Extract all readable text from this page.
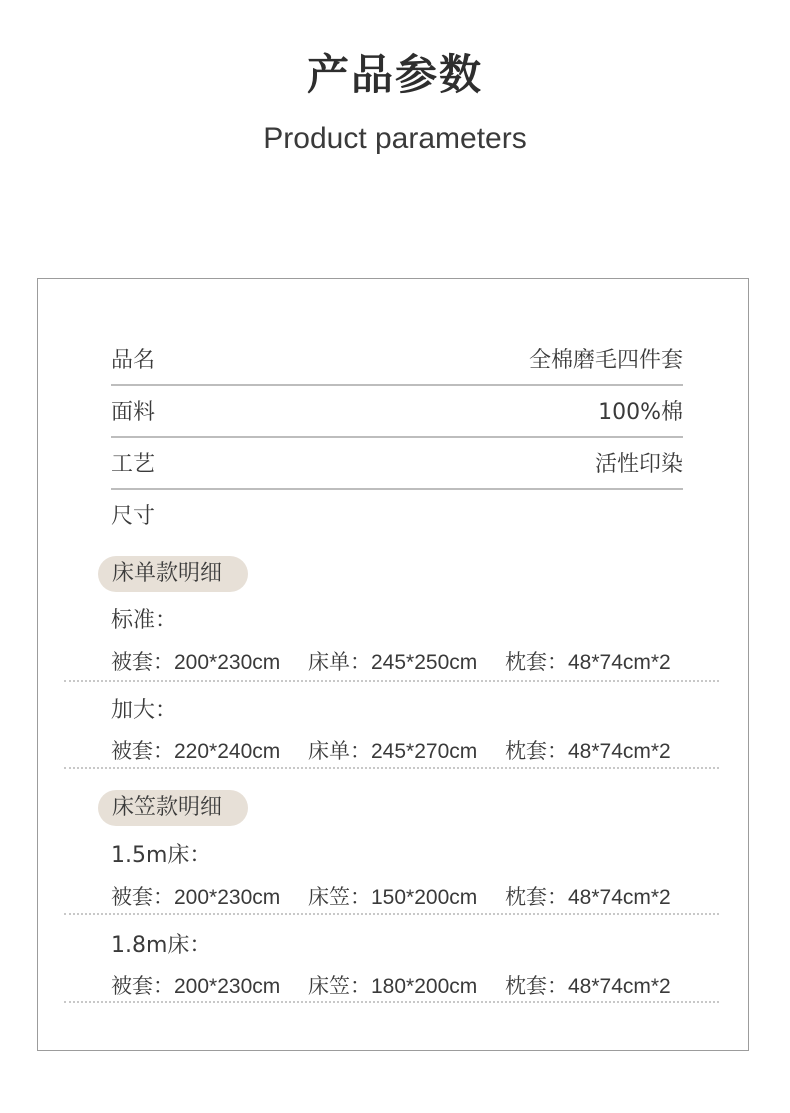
产品参数
Product parameters
品名	全棉磨毛四件套
面料	100%棉
工艺	活性印染
尺寸
床单款明细
标准：
被套：200*230cm 床单：245*250cm 枕套：48*74cm*2
加大：
被套：220*240cm 床单：245*270cm 枕套：48*74cm*2
床笠款明细
1.5m床：
被套：200*230cm 床笠：150*200cm 枕套：48*74cm*2
1.8m床：
被套：200*230cm 床笠：180*200cm 枕套：48*74cm*2
